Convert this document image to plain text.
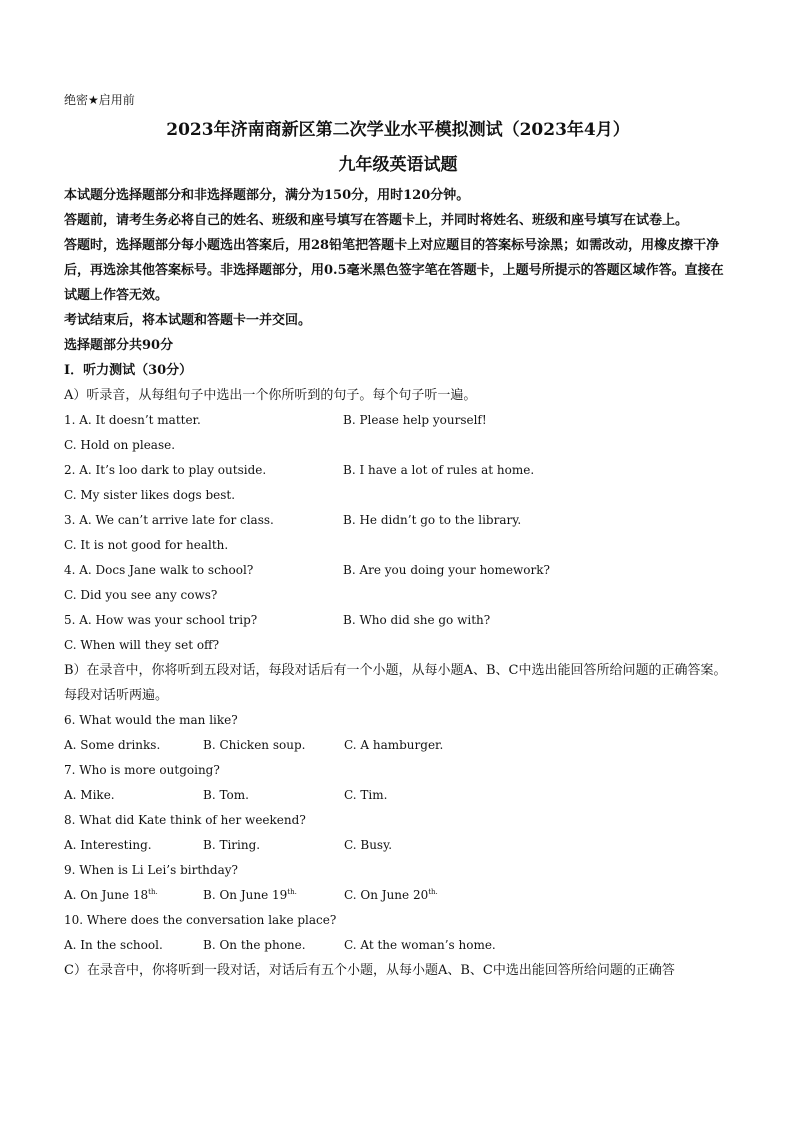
绝密★启用前
2023年济南商新区第二次学业水平模拟测试（2023年4月）
九年级英语试题
本试题分选择题部分和非选择题部分，满分为150分，用时120分钟。
答题前，请考生务必将自己的姓名、班级和座号填写在答题卡上，并同时将姓名、班级和座号填写在试卷上。
答题时，选择题部分每小题选出答案后，用28铅笔把答题卡上对应题目的答案标号涂黑；如需改动，用橡皮擦干净后，再选涂其他答案标号。非选择题部分，用0.5毫米黑色签字笔在答题卡，上题号所提示的答题区域作答。直接在试题上作答无效。
考试结束后，将本试题和答题卡一并交回。
选择题部分共90分
Ⅰ．听力测试（30分）
A）听录音，从每组句子中选出一个你所听到的句子。每个句子听一遍。
1. A. It doesn’t matter.	B. Please help yourself!
C. Hold on please.
2. A. It’s loo dark to play outside.	B. I have a lot of rules at home.
C. My sister likes dogs best.
3. A. We can’t arrive late for class.	B. He didn’t go to the library.
C. It is not good for health.
4. A. Docs Jane walk to school?	B. Are you doing your homework?
C. Did you see any cows?
5. A. How was your school trip?	B. Who did she go with?
C. When will they set off?
B）在录音中，你将听到五段对话，每段对话后有一个小题，从每小题A、B、C中选出能回答所给问题的正确答案。每段对话听两遍。
6. What would the man like?
A. Some drinks.	B. Chicken soup.	C. A hamburger.
7. Who is more outgoing?
A. Mike.	B. Tom.	C. Tim.
8. What did Kate think of her weekend?
A. Interesting.	B. Tiring.	C. Busy.
9. When is Li Lei’s birthday?
A. On June $18^{th.}$	B. On June $19^{th.}$	C. On June $20^{th.}$
10. Where does the conversation lake place?
A. In the school.	B. On the phone.	C. At the woman’s home.
C）在录音中，你将听到一段对话，对话后有五个小题，从每小题A、B、C中选出能回答所给问题的正确答
